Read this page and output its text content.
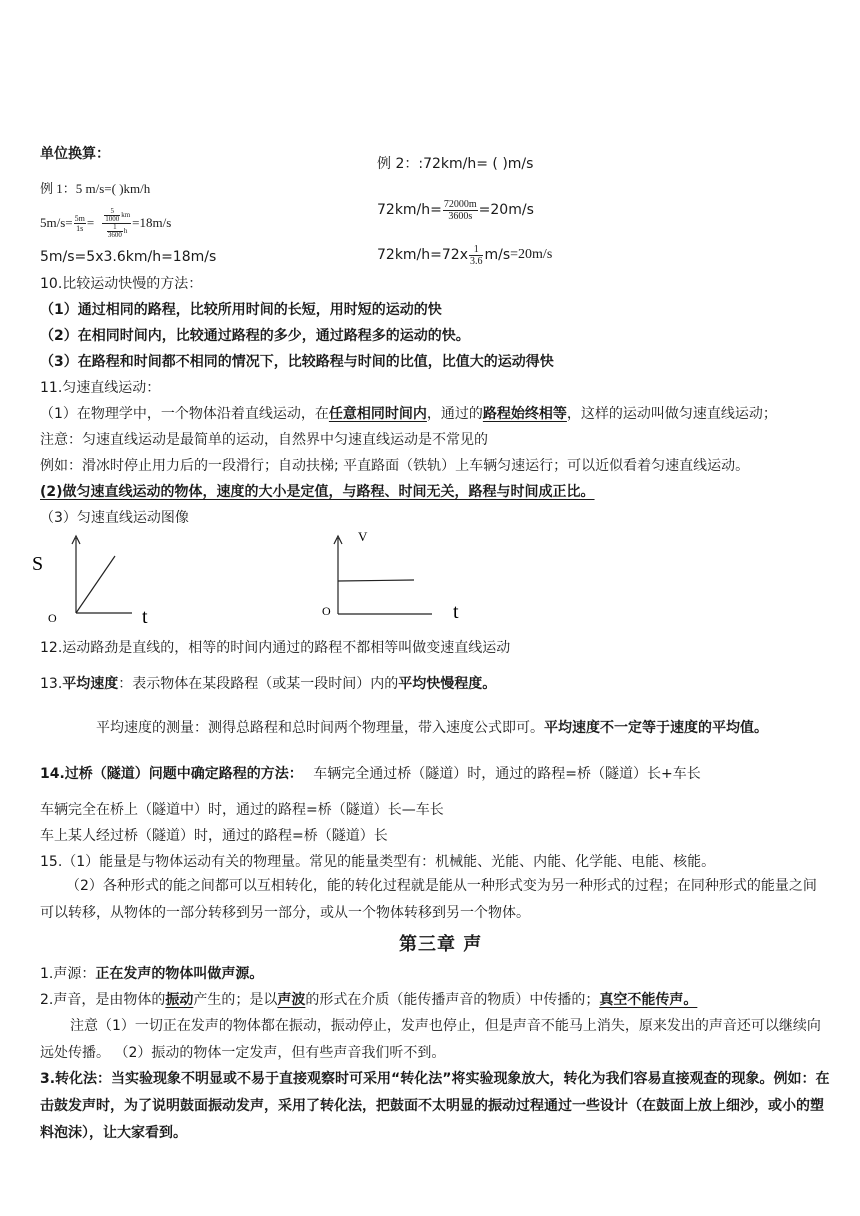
单位换算：
例 1：5 m/s=( )km/h
$5m/s= \frac{5m}{1s} = \frac{\frac{5}{1000} km}{\frac{1}{3600} h} =18m/s$
5m/s=5x3.6km/h=18m/s
例 2：:72km/h= ( )m/s
$72km/h= \frac{72000m}{3600s} =20m/s$
$72km/h=72x \frac{1}{3.6} m/s =20m/s$
10.比较运动快慢的方法：
（1）通过相同的路程，比较所用时间的长短，用时短的运动的快
（2）在相同时间内，比较通过路程的多少，通过路程多的运动的快。
（3）在路程和时间都不相同的情况下，比较路程与时间的比值，比值大的运动得快
11.匀速直线运动：
（1）在物理学中，一个物体沿着直线运动，在任意相同时间内，通过的路程始终相等，这样的运动叫做匀速直线运动；
注意：匀速直线运动是最简单的运动，自然界中匀速直线运动是不常见的
例如：滑冰时停止用力后的一段滑行；自动扶梯; 平直路面（铁轨）上车辆匀速运行；可以近似看着匀速直线运动。
(2)做匀速直线运动的物体，速度的大小是定值，与路程、时间无关，路程与时间成正比。
（3）匀速直线运动图像
S
O	t
V
O	t
12.运动路劲是直线的，相等的时间内通过的路程不都相等叫做变速直线运动
13.平均速度：表示物体在某段路程（或某一段时间）内的平均快慢程度。
平均速度的测量：测得总路程和总时间两个物理量，带入速度公式即可。平均速度不一定等于速度的平均值。
14.过桥（隧道）问题中确定路程的方法： 车辆完全通过桥（隧道）时，通过的路程=桥（隧道）长+车长
车辆完全在桥上（隧道中）时，通过的路程=桥（隧道）长—车长
车上某人经过桥（隧道）时，通过的路程=桥（隧道）长
15.（1）能量是与物体运动有关的物理量。常见的能量类型有：机械能、光能、内能、化学能、电能、核能。
（2）各种形式的能之间都可以互相转化，能的转化过程就是能从一种形式变为另一种形式的过程；在同种形式的能量之间可以转移，从物体的一部分转移到另一部分，或从一个物体转移到另一个物体。
第三章 声
1.声源：正在发声的物体叫做声源。
2.声音，是由物体的振动产生的；是以声波的形式在介质（能传播声音的物质）中传播的；真空不能传声。
注意（1）一切正在发声的物体都在振动，振动停止，发声也停止，但是声音不能马上消失，原来发出的声音还可以继续向远处传播。 （2）振动的物体一定发声，但有些声音我们听不到。
3.转化法：当实验现象不明显或不易于直接观察时可采用“转化法”将实验现象放大，转化为我们容易直接观查的现象。例如：在击鼓发声时，为了说明鼓面振动发声，采用了转化法，把鼓面不太明显的振动过程通过一些设计（在鼓面上放上细沙，或小的塑料泡沫），让大家看到。
